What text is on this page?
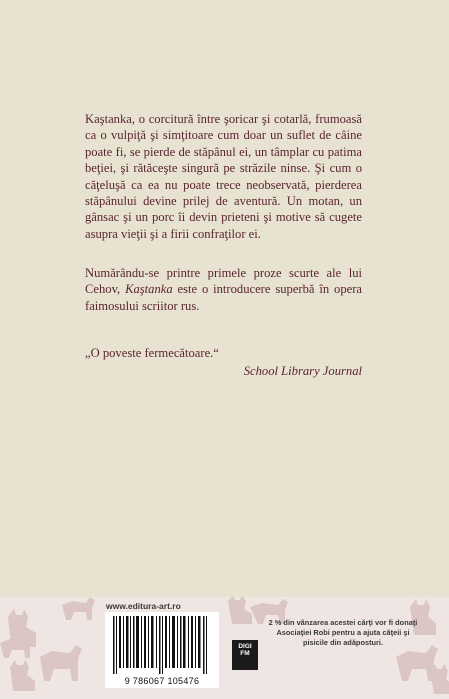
Kaştanka, o corcitură între şoricar şi cotarlă, frumoasă ca o vulpiţă şi simţitoare cum doar un suflet de câine poate fi, se pierde de stăpânul ei, un tâmplar cu patima beţiei, şi rătăceşte singură pe străzile ninse. Şi cum o căţeluşă ca ea nu poate trece neobservată, pierderea stăpânului devine prilej de aventură. Un motan, un gânsac şi un porc îi devin prieteni şi motive să cugete asupra vieţii şi a firii confraţilor ei.
Numărându-se printre primele proze scurte ale lui Cehov, Kaştanka este o introducere superbă în opera faimosului scriitor rus.
„O poveste fermecătoare.“
School Library Journal
www.editura-art.ro
9 786067 105476
DIGI
FM
2 % din vânzarea acestei cărţi vor fi donaţi Asociaţiei Robi pentru a ajuta căţeii şi pisicile din adăposturi.
